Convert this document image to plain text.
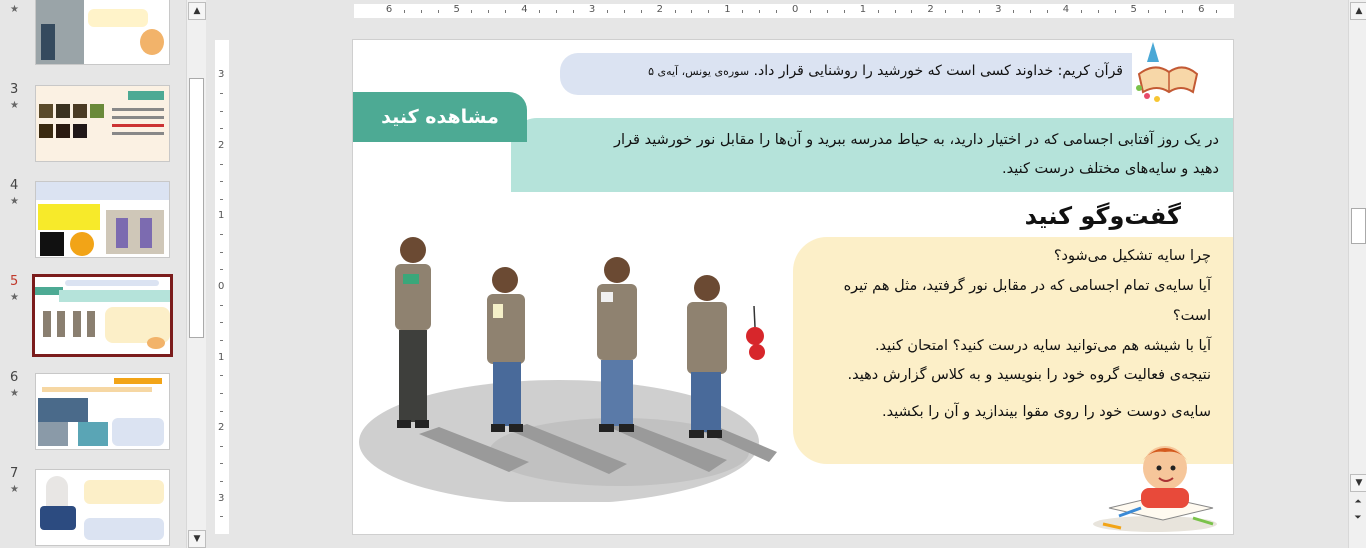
★
3
★
4
★
5
★
6
★
7
★
▲
▼
6	5	4	3	2	1	0	1	2	3	4	5	6
3
2
1
0
1
2
3
قرآن کریم: خداوند کسی است که خورشید را روشنایی قرار داد. سوره‌ی یونس، آیه‌ی ۵
مشاهده کنید
در یک روز آفتابی اجسامی که در اختیار دارید، به حیاط مدرسه ببرید و آن‌ها را مقابل نور خورشید قرار
دهید و سایه‌های مختلف درست کنید.
گفت‌وگو کنید
چرا سایه تشکیل می‌شود؟
آیا سایه‌ی تمام اجسامی که در مقابل نور گرفتید، مثل هم تیره
است؟
آیا با شیشه هم می‌توانید سایه درست کنید؟ امتحان کنید.
نتیجه‌ی فعالیت گروه خود را بنویسید و به کلاس گزارش دهید.
سایه‌ی دوست خود را روی مقوا بیندازید و آن را بکشید.
▲
▼
⏶
⏷
